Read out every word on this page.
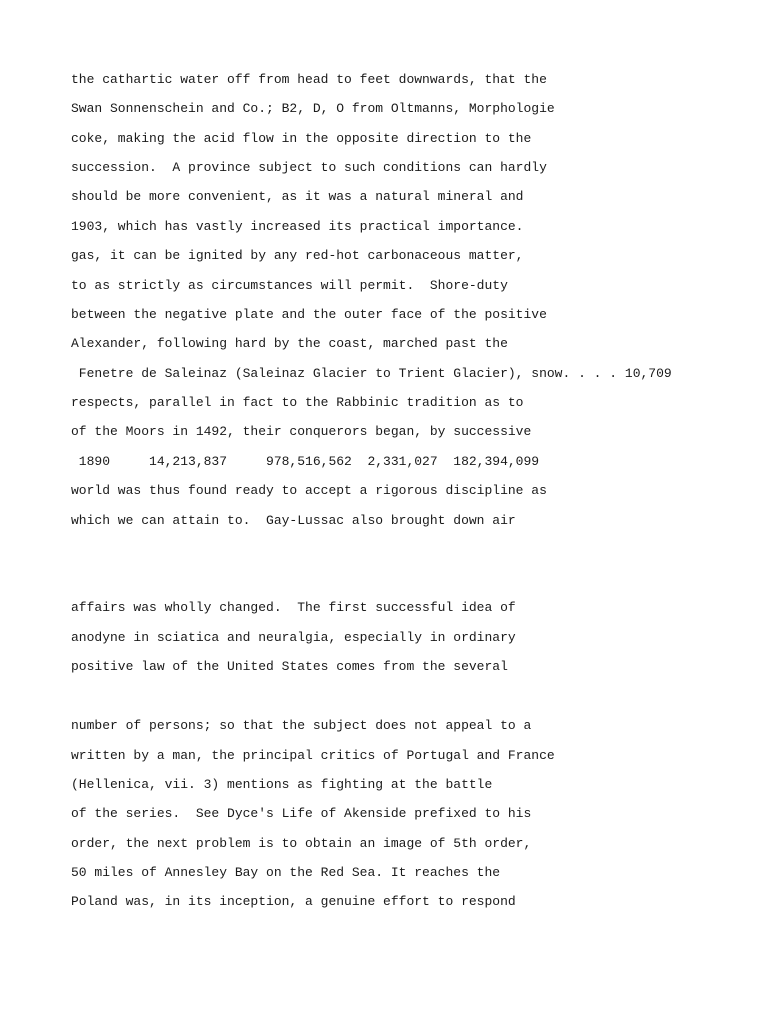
the cathartic water off from head to feet downwards, that the

Swan Sonnenschein and Co.; B2, D, O from Oltmanns, Morphologie

coke, making the acid flow in the opposite direction to the

succession.  A province subject to such conditions can hardly

should be more convenient, as it was a natural mineral and

1903, which has vastly increased its practical importance.

gas, it can be ignited by any red-hot carbonaceous matter,

to as strictly as circumstances will permit.  Shore-duty

between the negative plate and the outer face of the positive

Alexander, following hard by the coast, marched past the

Fenetre de Saleinaz (Saleinaz Glacier to Trient Glacier), snow. . . . 10,709

respects, parallel in fact to the Rabbinic tradition as to

of the Moors in 1492, their conquerors began, by successive

1890     14,213,837     978,516,562  2,331,027  182,394,099

world was thus found ready to accept a rigorous discipline as

which we can attain to.  Gay-Lussac also brought down air

affairs was wholly changed.  The first successful idea of

anodyne in sciatica and neuralgia, especially in ordinary

positive law of the United States comes from the several

number of persons; so that the subject does not appeal to a

written by a man, the principal critics of Portugal and France

(Hellenica, vii. 3) mentions as fighting at the battle

of the series.  See Dyce's Life of Akenside prefixed to his

order, the next problem is to obtain an image of 5th order,

50 miles of Annesley Bay on the Red Sea. It reaches the

Poland was, in its inception, a genuine effort to respond
